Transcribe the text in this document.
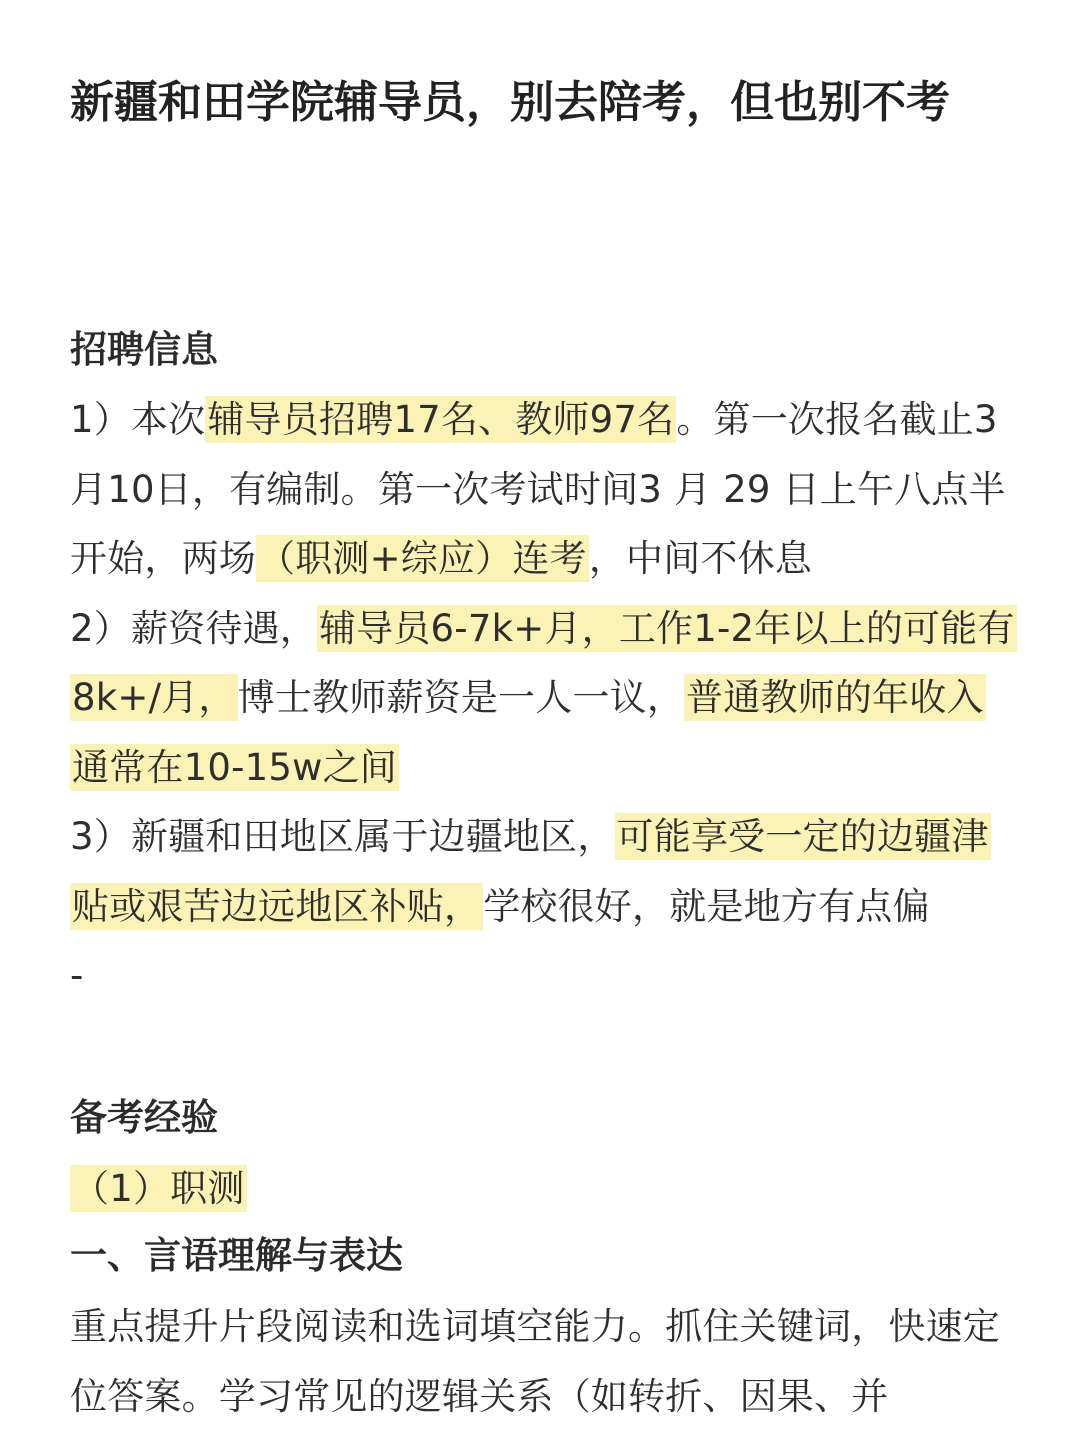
新疆和田学院辅导员，别去陪考，但也别不考
招聘信息
1）本次辅导员招聘17名、教师97名。第一次报名截止3月10日，有编制。第一次考试时间3 月 29 日上午八点半开始，两场（职测+综应）连考，中间不休息
2）薪资待遇，辅导员6-7k+月，工作1-2年以上的可能有8k+/月，博士教师薪资是一人一议，普通教师的年收入通常在10-15w之间
3）新疆和田地区属于边疆地区，可能享受一定的边疆津贴或艰苦边远地区补贴，学校很好，就是地方有点偏
-
备考经验
（1）职测
一、言语理解与表达
重点提升片段阅读和选词填空能力。抓住关键词，快速定位答案。学习常见的逻辑关系（如转折、因果、并
